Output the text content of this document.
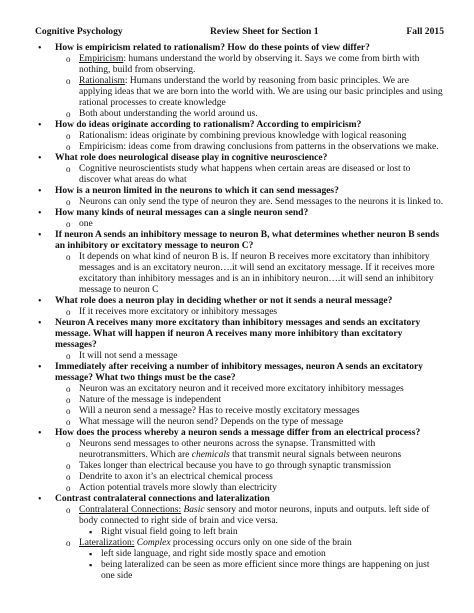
Cognitive Psychology	Review Sheet for Section 1	Fall 2015
• How is empiricism related to rationalism? How do these points of view differ?
o Empiricism: humans understand the world by observing it. Says we come from birth with nothing, build from observing.
o Rationalism: Humans understand the world by reasoning from basic principles. We are applying ideas that we are born into the world with. We are using our basic principles and using rational processes to create knowledge
o Both about understanding the world around us.
• How do ideas originate according to rationalism? According to empiricism?
o Rationalism: ideas originate by combining previous knowledge with logical reasoning
o Empiricism: ideas come from drawing conclusions from patterns in the observations we make.
• What role does neurological disease play in cognitive neuroscience?
o Cognitive neuroscientists study what happens when certain areas are diseased or lost to discover what areas do what
• How is a neuron limited in the neurons to which it can send messages?
o Neurons can only send the type of neuron they are. Send messages to the neurons it is linked to.
• How many kinds of neural messages can a single neuron send?
o one
• If neuron A sends an inhibitory message to neuron B, what determines whether neuron B sends an inhibitory or excitatory message to neuron C?
o It depends on what kind of neuron B is. If neuron B receives more excitatory than inhibitory messages and is an excitatory neuron….it will send an excitatory message. If it receives more excitatory than inhibitory messages and is an in inhibitory neuron….it will send an inhibitory message to neuron C
• What role does a neuron play in deciding whether or not it sends a neural message?
o If it receives more excitatory or inhibitory messages
• Neuron A receives many more excitatory than inhibitory messages and sends an excitatory message. What will happen if neuron A receives many more inhibitory than excitatory messages?
o It will not send a message
• Immediately after receiving a number of inhibitory messages, neuron A sends an excitatory message? What two things must be the case?
o Neuron was an excitatory neuron and it received more excitatory inhibitory messages
o Nature of the message is independent
o Will a neuron send a message? Has to receive mostly excitatory messages
o What message will the neuron send? Depends on the type of message
• How does the process whereby a neuron sends a message differ from an electrical process?
o Neurons send messages to other neurons across the synapse. Transmitted with neurotransmitters. Which are chemicals that transmit neural signals between neurons
o Takes longer than electrical because you have to go through synaptic transmission
o Dendrite to axon it’s an electrical chemical process
o Action potential travels more slowly than electricity
• Contrast contralateral connections and lateralization
o Contralateral Connections: Basic sensory and motor neurons, inputs and outputs. left side of body connected to right side of brain and vice versa.
▪ Right visual field going to left brain
o Lateralization: Complex processing occurs only on one side of the brain
▪ left side language, and right side mostly space and emotion
▪ being lateralized can be seen as more efficient since more things are happening on just one side
